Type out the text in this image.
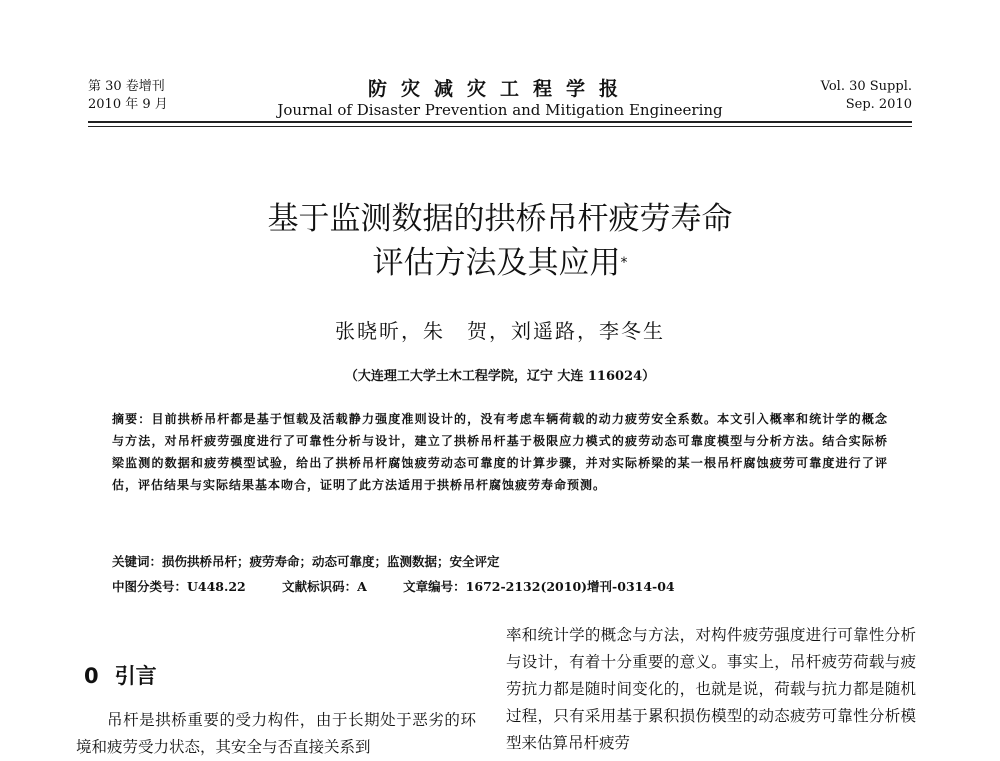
第 30 卷增刊
2010 年 9 月
防灾减灾工程学报
Journal of Disaster Prevention and Mitigation Engineering
Vol. 30 Suppl.
Sep. 2010
基于监测数据的拱桥吊杆疲劳寿命
评估方法及其应用*
张晓昕，朱　贺，刘遥路，李冬生
（大连理工大学土木工程学院，辽宁 大连 116024）
摘要：目前拱桥吊杆都是基于恒载及活载静力强度准则设计的，没有考虑车辆荷载的动力疲劳安全系数。本文引入概率和统计学的概念与方法，对吊杆疲劳强度进行了可靠性分析与设计，建立了拱桥吊杆基于极限应力模式的疲劳动态可靠度模型与分析方法。结合实际桥梁监测的数据和疲劳模型试验，给出了拱桥吊杆腐蚀疲劳动态可靠度的计算步骤，并对实际桥梁的某一根吊杆腐蚀疲劳可靠度进行了评估，评估结果与实际结果基本吻合，证明了此方法适用于拱桥吊杆腐蚀疲劳寿命预测。
关键词：损伤拱桥吊杆；疲劳寿命；动态可靠度；监测数据；安全评定
中图分类号：U448.22	文献标识码：A	文章编号：1672-2132(2010)增刊-0314-04
0 引言
吊杆是拱桥重要的受力构件，由于长期处于恶劣的环境和疲劳受力状态，其安全与否直接关系到
率和统计学的概念与方法，对构件疲劳强度进行可靠性分析与设计，有着十分重要的意义。事实上，吊杆疲劳荷载与疲劳抗力都是随时间变化的，也就是说，荷载与抗力都是随机过程，只有采用基于累积损伤模型的动态疲劳可靠性分析模型来估算吊杆疲劳
